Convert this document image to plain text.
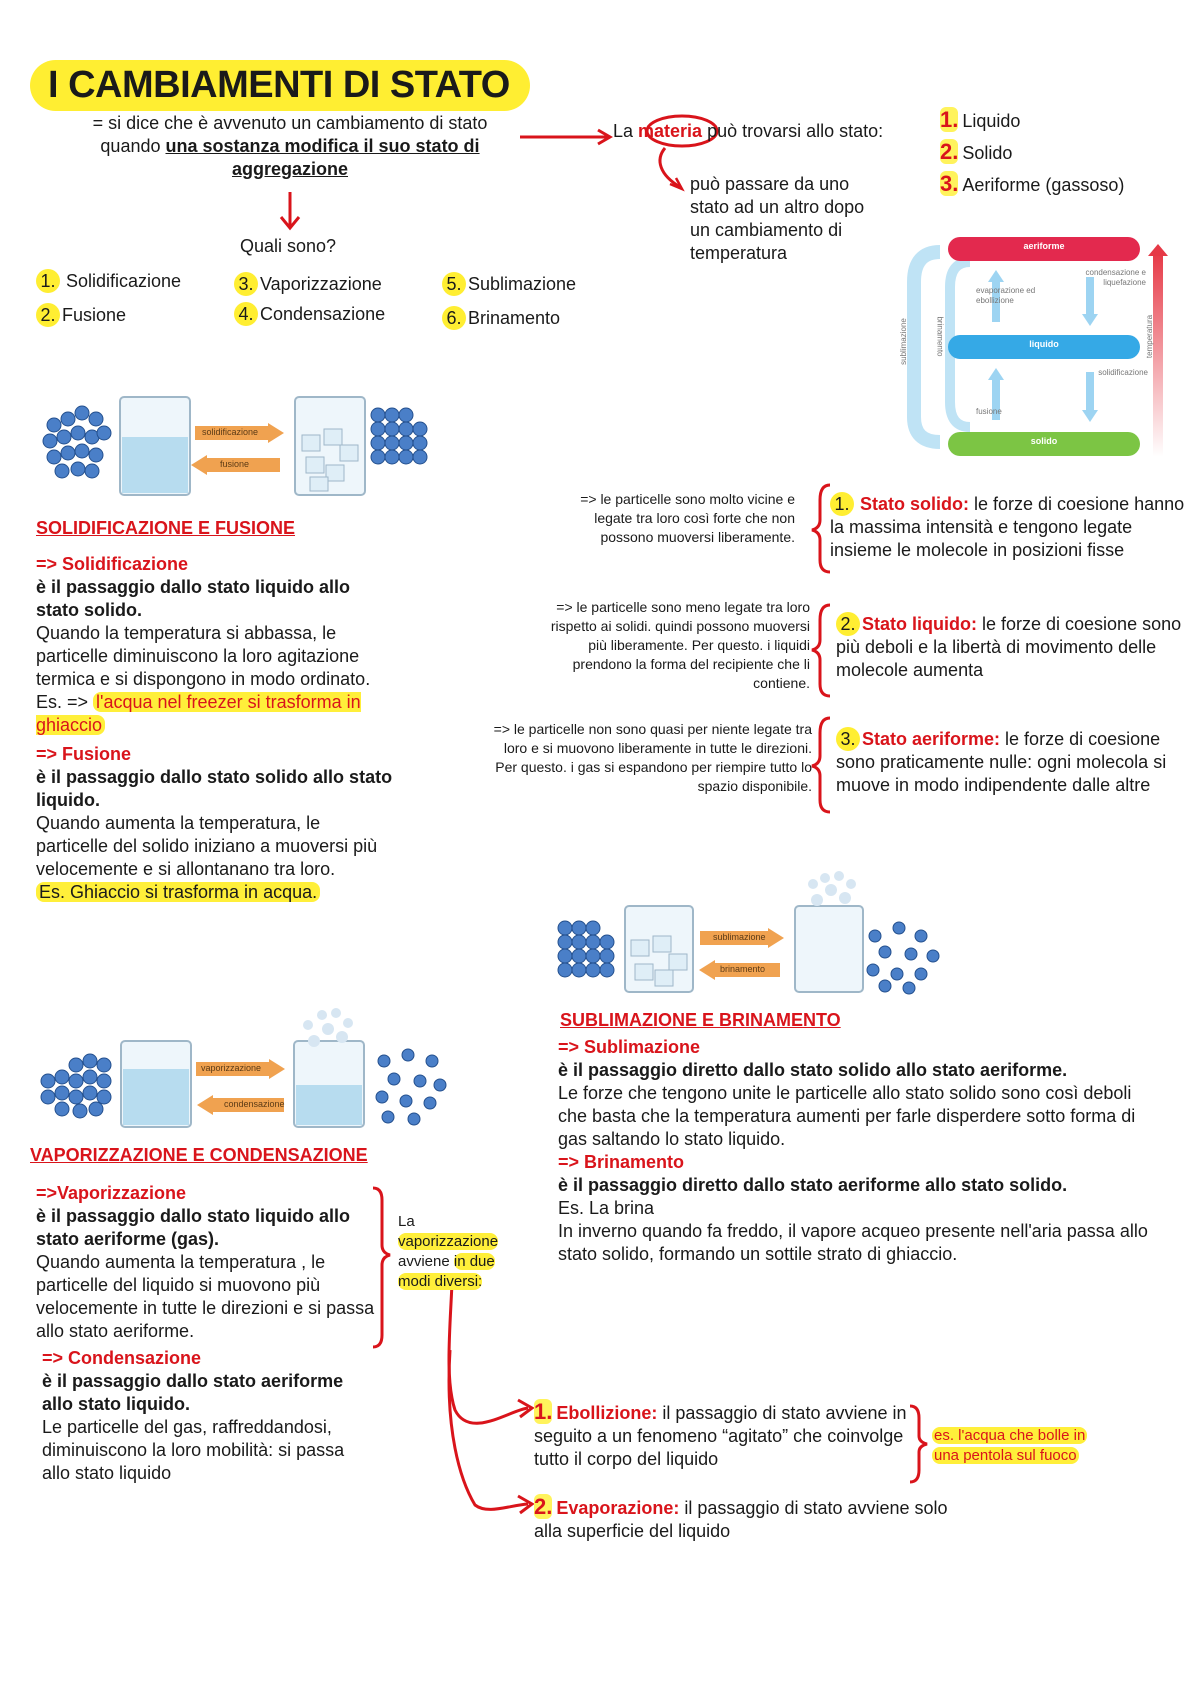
I CAMBIAMENTI DI STATO
= si dice che è avvenuto un cambiamento di stato
quando una sostanza modifica il suo stato di
aggregazione
Quali sono?
1. Solidificazione
2. Fusione
3. Vaporizzazione
4. Condensazione
5. Sublimazione
6. Brinamento
La materia può trovarsi allo stato:	1. Liquido
2. Solido
3. Aeriforme (gassoso)
può passare da uno
stato ad un altro dopo
un cambiamento di
temperatura	aeriforme
liquido
solido
evaporazione ed ebollizione
condensazione e liquefazione
solidificazione
fusione
sublimazione	brinamento	temperatura
solidificazione
fusione
SOLIDIFICAZIONE E FUSIONE
=> Solidificazione
è il passaggio dallo stato liquido allo stato solido.
Quando la temperatura si abbassa, le particelle diminuiscono la loro agitazione termica e si dispongono in modo ordinato.
Es. => l'acqua nel freezer si trasforma in ghiaccio
=> Fusione
è il passaggio dallo stato solido allo stato liquido.
Quando aumenta la temperatura, le particelle del solido iniziano a muoversi più velocemente e si allontanano tra loro.
Es. Ghiaccio si trasforma in acqua.
=> le particelle sono molto vicine e legate tra loro così forte che non possono muoversi liberamente.
=> le particelle sono meno legate tra loro rispetto ai solidi. quindi possono muoversi più liberamente. Per questo. i liquidi prendono la forma del recipiente che li contiene.
=> le particelle non sono quasi per niente legate tra loro e si muovono liberamente in tutte le direzioni. Per questo. i gas si espandono per riempire tutto lo spazio disponibile.
1. Stato solido: le forze di coesione hanno la massima intensità e tengono legate insieme le molecole in posizioni fisse
2. Stato liquido: le forze di coesione sono più deboli e la libertà di movimento delle molecole aumenta
3. Stato aeriforme: le forze di coesione sono praticamente nulle: ogni molecola si muove in modo indipendente dalle altre
sublimazione
brinamento
SUBLIMAZIONE E BRINAMENTO
=> Sublimazione
è il passaggio diretto dallo stato solido allo stato aeriforme.
Le forze che tengono unite le particelle allo stato solido sono così deboli che basta che la temperatura aumenti per farle disperdere sotto forma di gas saltando lo stato liquido.
=> Brinamento
è il passaggio diretto dallo stato aeriforme allo stato solido.
Es. La brina
In inverno quando fa freddo, il vapore acqueo presente nell'aria passa allo stato solido, formando un sottile strato di ghiaccio.
vaporizzazione
condensazione
VAPORIZZAZIONE E CONDENSAZIONE
=>Vaporizzazione
è il passaggio dallo stato liquido allo stato aeriforme (gas).
Quando aumenta la temperatura , le particelle del liquido si muovono più velocemente in tutte le direzioni e si passa allo stato aeriforme.
=> Condensazione
è il passaggio dallo stato aeriforme allo stato liquido.
Le particelle del gas, raffreddandosi, diminuiscono la loro mobilità: si passa allo stato liquido
La
vaporizzazione
avviene in due
modi diversi:
1. Ebollizione: il passaggio di stato avviene in seguito a un fenomeno “agitato” che coinvolge tutto il corpo del liquido
2. Evaporazione: il passaggio di stato avviene solo alla superficie del liquido
es. l'acqua che bolle in
una pentola sul fuoco
